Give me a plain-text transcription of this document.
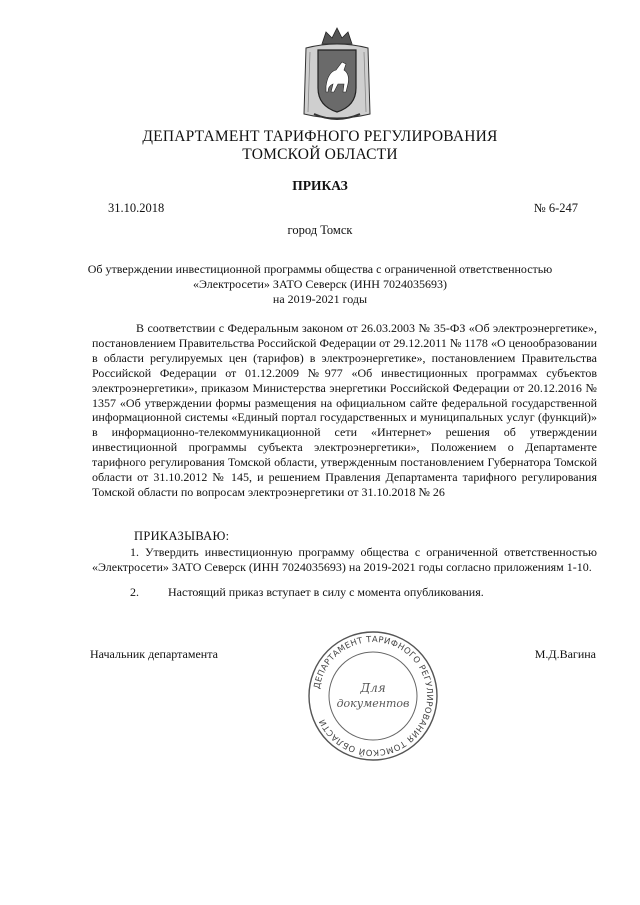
ДЕПАРТАМЕНТ ТАРИФНОГО РЕГУЛИРОВАНИЯ
ТОМСКОЙ ОБЛАСТИ
ПРИКАЗ
31.10.2018	№ 6-247
город Томск
Об утверждении инвестиционной программы общества с ограниченной ответственностью
«Электросети» ЗАТО Северск (ИНН 7024035693)
на 2019-2021 годы

В соответствии с Федеральным законом от 26.03.2003 № 35-ФЗ «Об электроэнергетике», постановлением Правительства Российской Федерации от 29.12.2011 № 1178 «О ценообразовании в области регулируемых цен (тарифов) в электроэнергетике», постановлением Правительства Российской Федерации от 01.12.2009 №977 «Об инвестиционных программах субъектов электроэнергетики», приказом Министерства энергетики Российской Федерации от 20.12.2016 № 1357 «Об утверждении формы размещения на официальном сайте федеральной государственной информационной системы «Единый портал государственных и муниципальных услуг (функций)» в информационно-телекоммуникационной сети «Интернет» решения об утверждении инвестиционной программы субъекта электроэнергетики», Положением о Департаменте тарифного регулирования Томской области, утвержденным постановлением Губернатора Томской области от 31.10.2012 № 145, и решением Правления Департамента тарифного регулирования Томской области по вопросам электроэнергетики от 31.10.2018 № 26

ПРИКАЗЫВАЮ:

1. Утвердить инвестиционную программу общества с ограниченной ответственностью «Электросети» ЗАТО Северск (ИНН 7024035693) на 2019-2021 годы согласно приложениям 1-10.

2. Настоящий приказ вступает в силу с момента опубликования.
Начальник департамента	М.Д.Вагина
ДЕПАРТАМЕНТ ТАРИФНОГО РЕГУЛИРОВАНИЯ ТОМСКОЙ ОБЛАСТИ
Для
документов
